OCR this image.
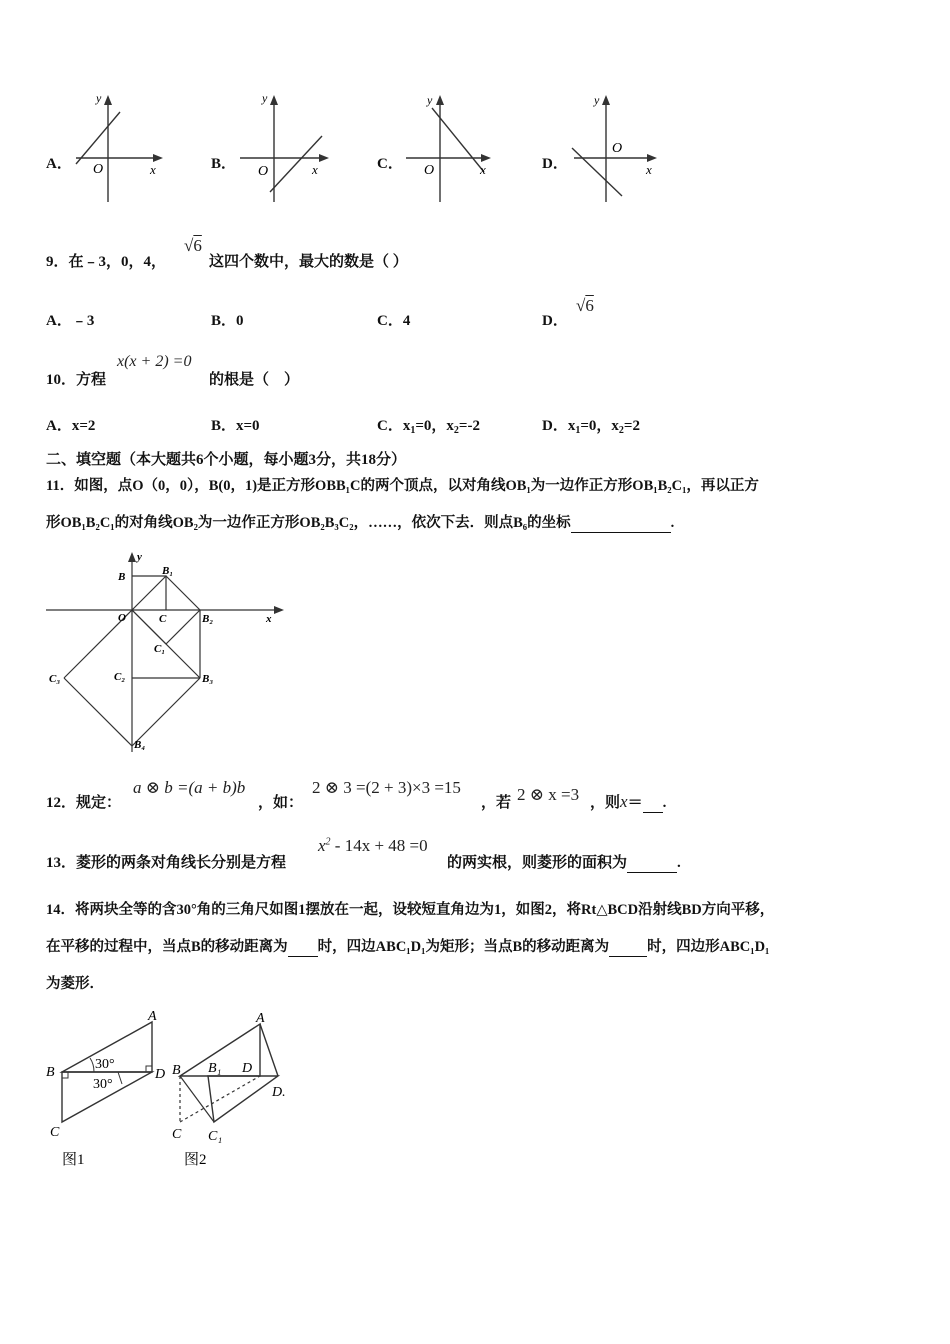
A．
y
x
O	B．
y
x
O	C．
y
x
O	D．
y
x
O
9．在﹣3，0，4，
√6
这四个数中，最大的数是（ ）
A．﹣3	B．0	C．4	D．
√6
10．方程
x(x + 2) =0
的根是（　）
A．x=2	B．x=0	C．$x_1=0$，$x_2=-2$	D．$x_1=0$，$x_2=2$
二、填空题（本大题共6个小题，每小题3分，共18分）
11．如图，点O（0，0），B(0，1)是正方形OBB₁C的两个顶点，以对角线OB₁为一边作正方形OB₁B₂C₁，再以正方
形OB₁B₂C₁的对角线OB₂为一边作正方形OB₂B₃C₂，……，依次下去．则点B₆的坐标	.
y
x
O
B	B₁
C	B₂
C₁
C₂	B₃
C₃
B₄
12．规定：
a ⊗ b =(a + b)b
，如：
2 ⊗ 3 =(2 + 3)×3 =15
，若 2 ⊗ x =3 ，则x＝ .
13．菱形的两条对角线长分别是方程
$x^2 - 14x + 48 =0$
的两实根，则菱形的面积为	.
14．将两块全等的含30°角的三角尺如图1摆放在一起，设较短直角边为1，如图2，将Rt△BCD沿射线BD方向平移，
在平移的过程中，当点B的移动距离为 时，四边ABC₁D₁为矩形；当点B的移动距离为	时，四边形ABC₁D₁
为菱形．
A
B	D
C
30°
30°
图1
A
B B₁ D
D.
C C₁
图2
